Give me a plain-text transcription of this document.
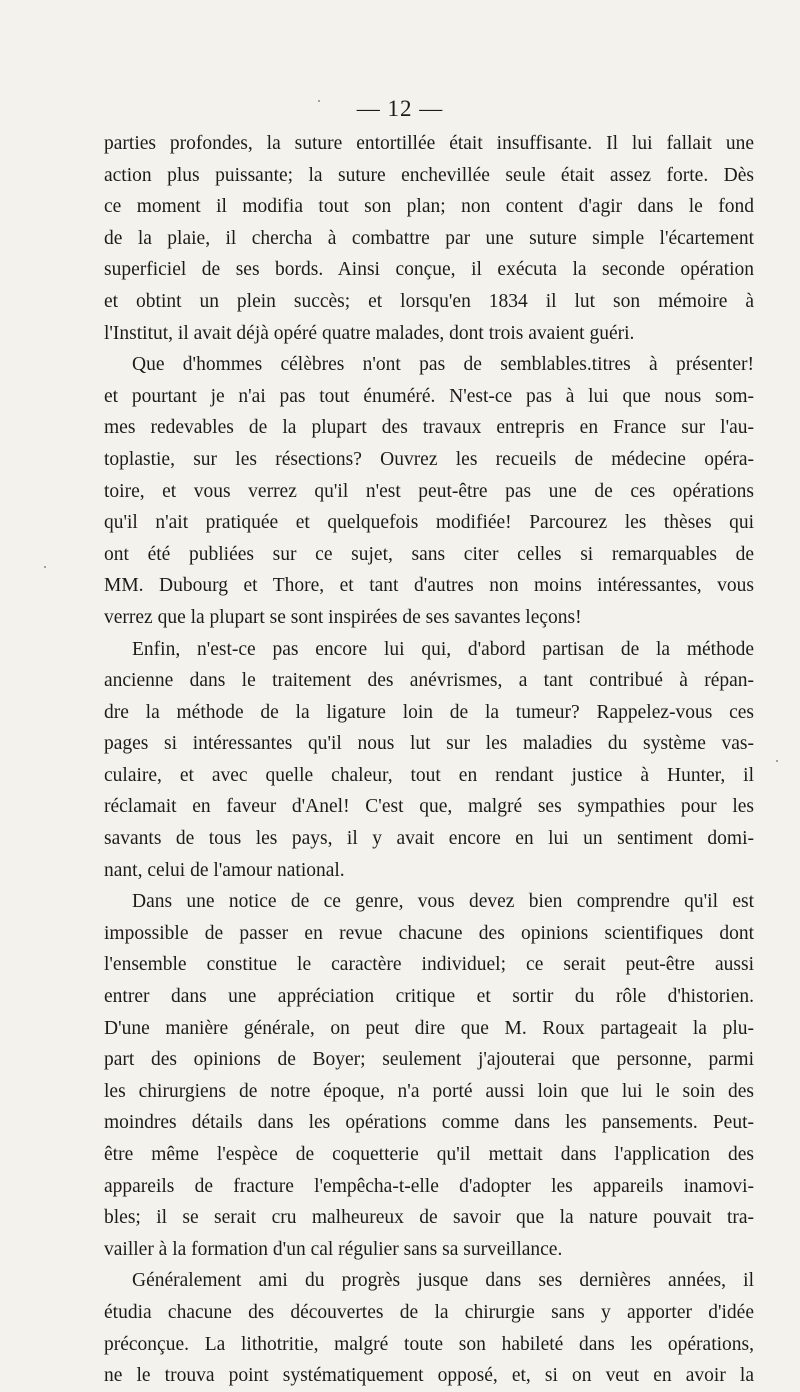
— 12 —
parties profondes, la suture entortillée était insuffisante. Il lui fallait une
action plus puissante; la suture enchevillée seule était assez forte. Dès
ce moment il modifia tout son plan; non content d'agir dans le fond
de la plaie, il chercha à combattre par une suture simple l'écartement
superficiel de ses bords. Ainsi conçue, il exécuta la seconde opération
et obtint un plein succès; et lorsqu'en 1834 il lut son mémoire à
l'Institut, il avait déjà opéré quatre malades, dont trois avaient guéri.
Que d'hommes célèbres n'ont pas de semblables.titres à présenter!
et pourtant je n'ai pas tout énuméré. N'est-ce pas à lui que nous som-
mes redevables de la plupart des travaux entrepris en France sur l'au-
toplastie, sur les résections? Ouvrez les recueils de médecine opéra-
toire, et vous verrez qu'il n'est peut-être pas une de ces opérations
qu'il n'ait pratiquée et quelquefois modifiée! Parcourez les thèses qui
ont été publiées sur ce sujet, sans citer celles si remarquables de
MM. Dubourg et Thore, et tant d'autres non moins intéressantes, vous
verrez que la plupart se sont inspirées de ses savantes leçons!
Enfin, n'est-ce pas encore lui qui, d'abord partisan de la méthode
ancienne dans le traitement des anévrismes, a tant contribué à répan-
dre la méthode de la ligature loin de la tumeur? Rappelez-vous ces
pages si intéressantes qu'il nous lut sur les maladies du système vas-
culaire, et avec quelle chaleur, tout en rendant justice à Hunter, il
réclamait en faveur d'Anel! C'est que, malgré ses sympathies pour les
savants de tous les pays, il y avait encore en lui un sentiment domi-
nant, celui de l'amour national.
Dans une notice de ce genre, vous devez bien comprendre qu'il est
impossible de passer en revue chacune des opinions scientifiques dont
l'ensemble constitue le caractère individuel; ce serait peut-être aussi
entrer dans une appréciation critique et sortir du rôle d'historien.
D'une manière générale, on peut dire que M. Roux partageait la plu-
part des opinions de Boyer; seulement j'ajouterai que personne, parmi
les chirurgiens de notre époque, n'a porté aussi loin que lui le soin des
moindres détails dans les opérations comme dans les pansements. Peut-
être même l'espèce de coquetterie qu'il mettait dans l'application des
appareils de fracture l'empêcha-t-elle d'adopter les appareils inamovi-
bles; il se serait cru malheureux de savoir que la nature pouvait tra-
vailler à la formation d'un cal régulier sans sa surveillance.
Généralement ami du progrès jusque dans ses dernières années, il
étudia chacune des découvertes de la chirurgie sans y apporter d'idée
préconçue. La lithotritie, malgré toute son habileté dans les opérations,
ne le trouva point systématiquement opposé, et, si on veut en avoir la
